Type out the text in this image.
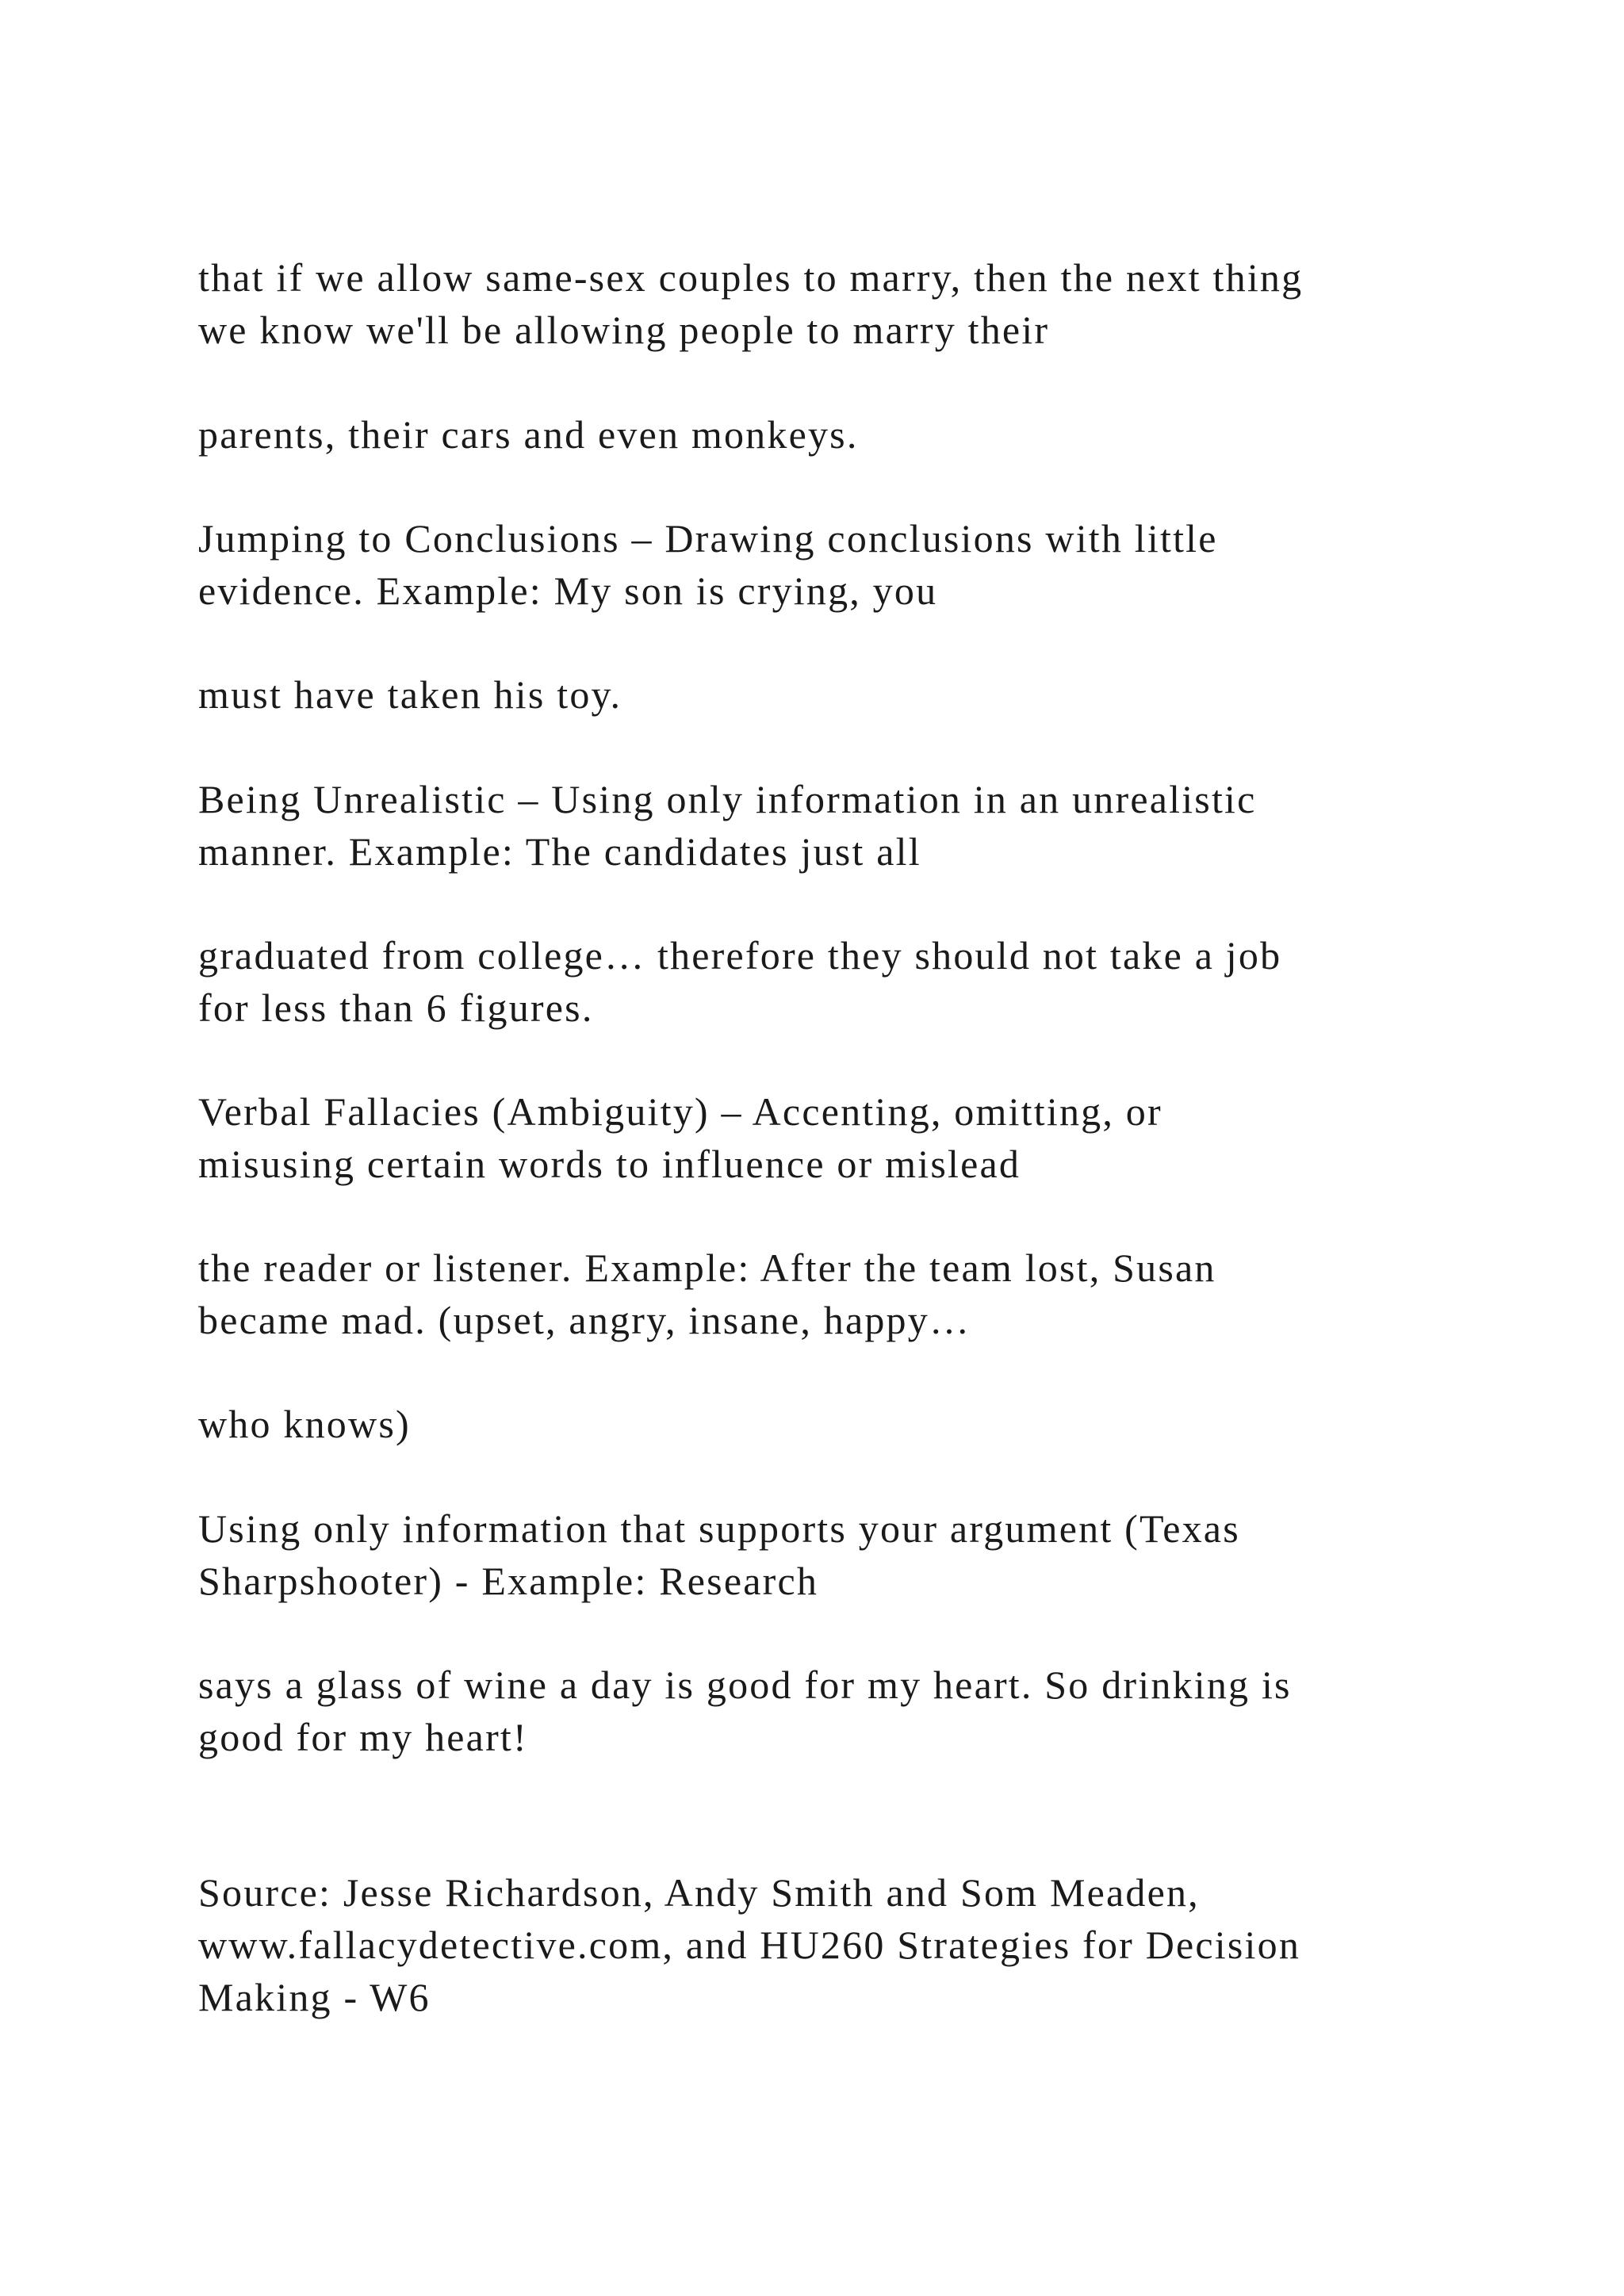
that if we allow same-sex couples to marry, then the next thing
we know we'll be allowing people to marry their

parents, their cars and even monkeys.

Jumping to Conclusions – Drawing conclusions with little
evidence. Example: My son is crying, you

must have taken his toy.

Being Unrealistic – Using only information in an unrealistic
manner. Example: The candidates just all

graduated from college… therefore they should not take a job
for less than 6 figures.

Verbal Fallacies (Ambiguity) – Accenting, omitting, or
misusing certain words to influence or mislead

the reader or listener. Example: After the team lost, Susan
became mad. (upset, angry, insane, happy…

who knows)

Using only information that supports your argument (Texas
Sharpshooter) - Example: Research

says a glass of wine a day is good for my heart. So drinking is
good for my heart!

Source: Jesse Richardson, Andy Smith and Som Meaden,
www.fallacydetective.com, and HU260 Strategies for Decision
Making - W6
